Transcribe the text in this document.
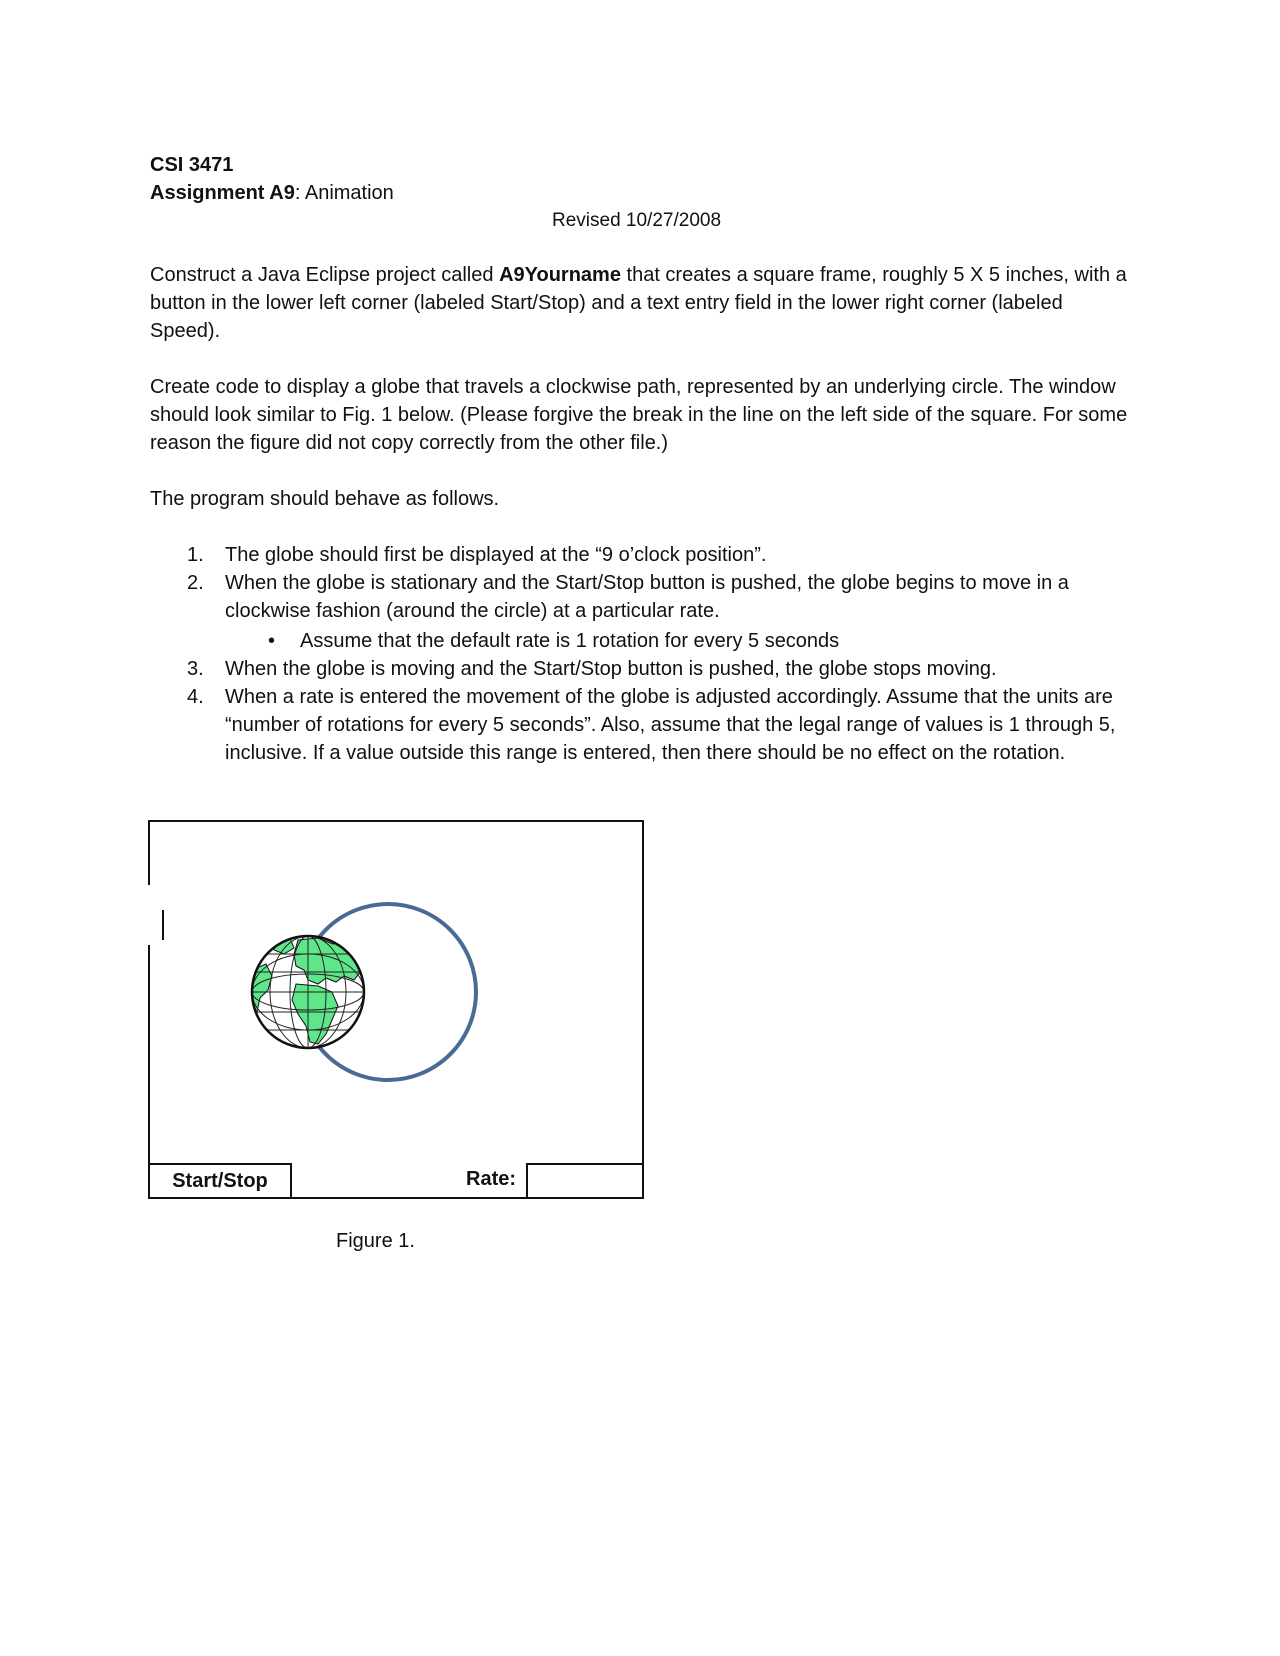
CSI 3471
Assignment A9: Animation
Revised 10/27/2008

Construct a Java Eclipse project called A9Yourname that creates a square frame, roughly 5 X 5 inches, with a button in the lower left corner (labeled Start/Stop) and a text entry field in the lower right corner (labeled Speed).

Create code to display a globe that travels a clockwise path, represented by an underlying circle. The window should look similar to Fig. 1 below. (Please forgive the break in the line on the left side of the square. For some reason the figure did not copy correctly from the other file.)
The program should behave as follows.
1. The globe should first be displayed at the “9 o’clock position”.
2. When the globe is stationary and the Start/Stop button is pushed, the globe begins to move in a clockwise fashion (around the circle) at a particular rate.
• Assume that the default rate is 1 rotation for every 5 seconds
3. When the globe is moving and the Start/Stop button is pushed, the globe stops moving.
4. When a rate is entered the movement of the globe is adjusted accordingly. Assume that the units are “number of rotations for every 5 seconds”. Also, assume that the legal range of values is 1 through 5, inclusive. If a value outside this range is entered, then there should be no effect on the rotation.
Start/Stop	Rate:
Figure 1.
